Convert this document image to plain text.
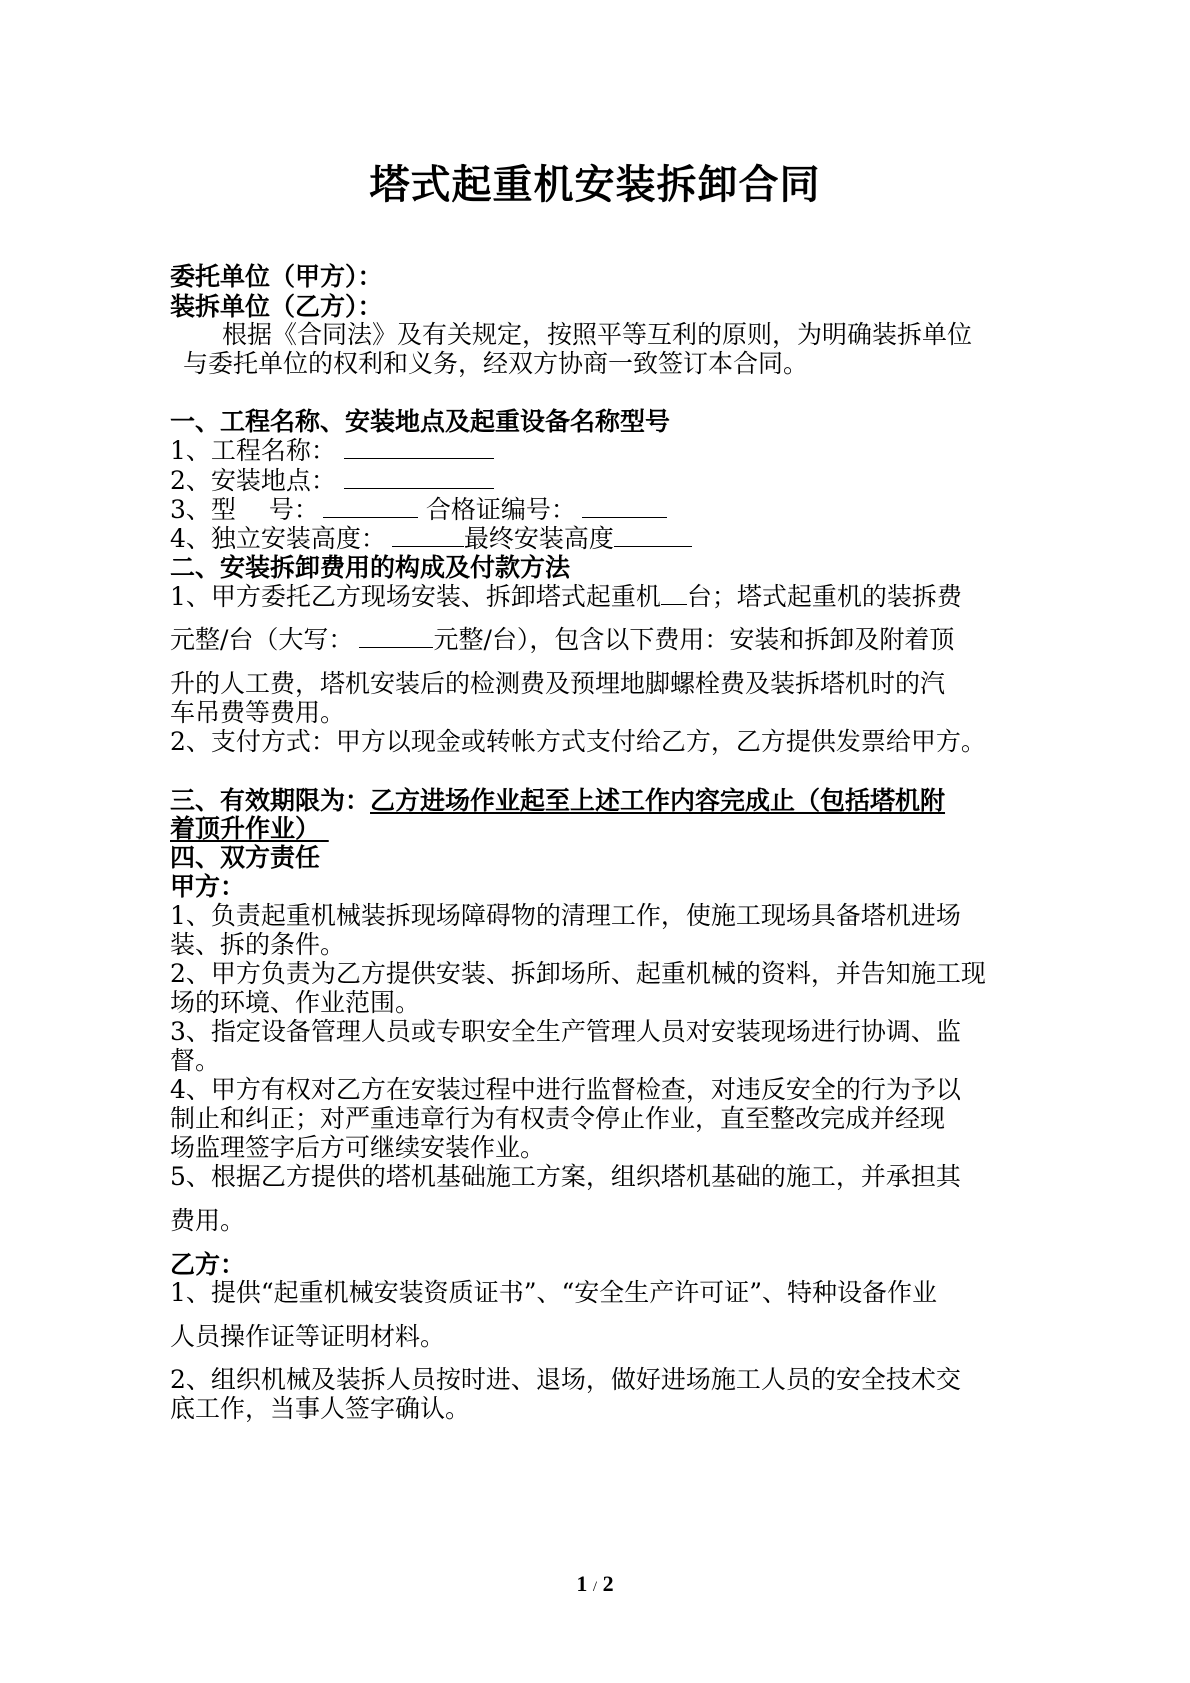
塔式起重机安装拆卸合同
委托单位（甲方）：
装拆单位（乙方）：
根据《合同法》及有关规定，按照平等互利的原则，为明确装拆单位
与委托单位的权利和义务，经双方协商一致签订本合同。
一、工程名称、安装地点及起重设备名称型号
1、工程名称：
2、安装地点：
3、型　 号：	合格证编号：
4、独立安装高度：	最终安装高度
二、安装拆卸费用的构成及付款方法
1、甲方委托乙方现场安装、拆卸塔式起重机 台；塔式起重机的装拆费
元整/台（大写：	元整/台），包含以下费用：安装和拆卸及附着顶
升的人工费，塔机安装后的检测费及预埋地脚螺栓费及装拆塔机时的汽
车吊费等费用。
2、支付方式：甲方以现金或转帐方式支付给乙方，乙方提供发票给甲方。
三、有效期限为：乙方进场作业起至上述工作内容完成止（包括塔机附
着顶升作业）
四、双方责任
甲方：
1、负责起重机械装拆现场障碍物的清理工作，使施工现场具备塔机进场
装、拆的条件。
2、甲方负责为乙方提供安装、拆卸场所、起重机械的资料，并告知施工现
场的环境、作业范围。
3、指定设备管理人员或专职安全生产管理人员对安装现场进行协调、监
督。
4、甲方有权对乙方在安装过程中进行监督检查，对违反安全的行为予以
制止和纠正；对严重违章行为有权责令停止作业，直至整改完成并经现
场监理签字后方可继续安装作业。
5、根据乙方提供的塔机基础施工方案，组织塔机基础的施工，并承担其
费用。
乙方：
1、提供“起重机械安装资质证书”、“安全生产许可证”、特种设备作业
人员操作证等证明材料。
2、组织机械及装拆人员按时进、退场，做好进场施工人员的安全技术交
底工作，当事人签字确认。
1 / 2
